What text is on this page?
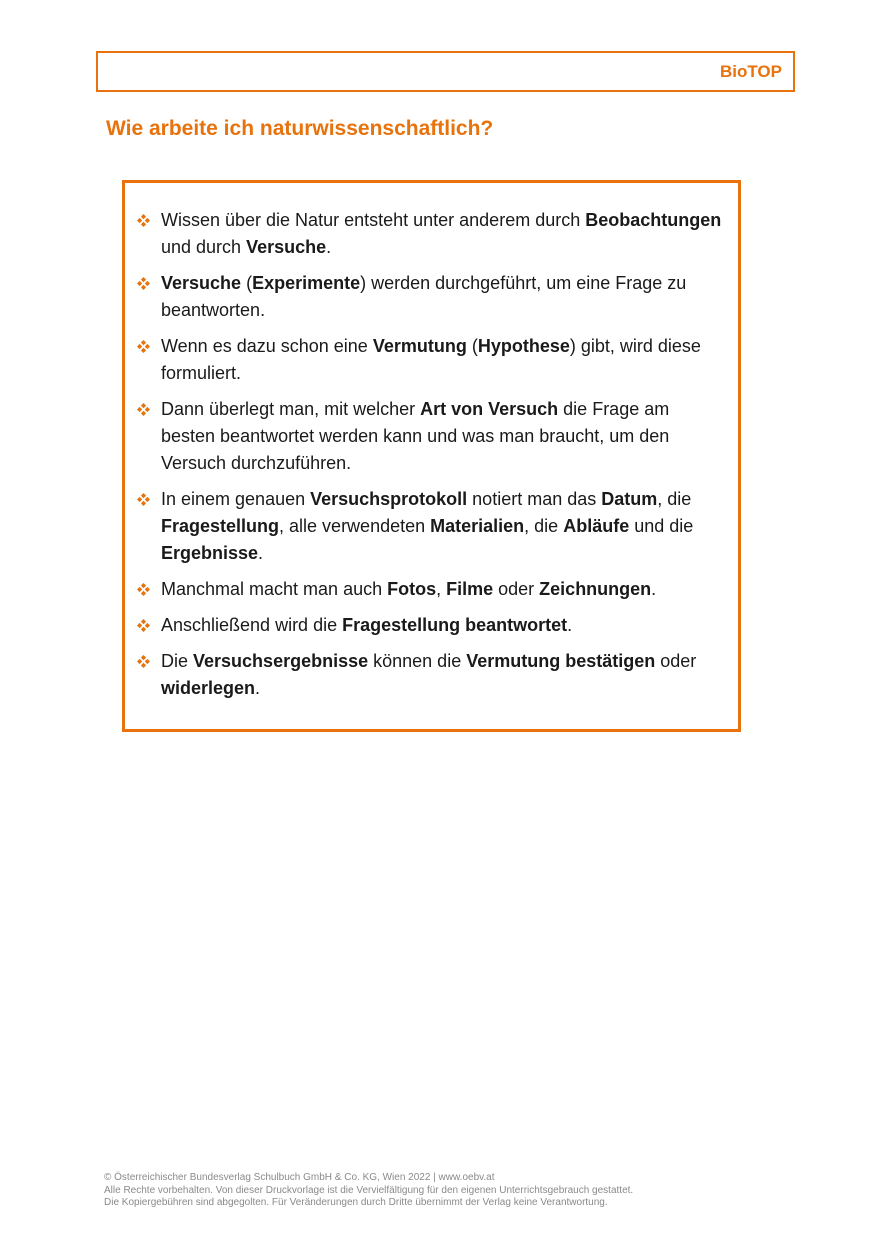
BioTOP
Wie arbeite ich naturwissenschaftlich?
Wissen über die Natur entsteht unter anderem durch Beobachtungen und durch Versuche.
Versuche (Experimente) werden durchgeführt, um eine Frage zu beantworten.
Wenn es dazu schon eine Vermutung (Hypothese) gibt, wird diese formuliert.
Dann überlegt man, mit welcher Art von Versuch die Frage am besten beantwortet werden kann und was man braucht, um den Versuch durchzuführen.
In einem genauen Versuchsprotokoll notiert man das Datum, die Fragestellung, alle verwendeten Materialien, die Abläufe und die Ergebnisse.
Manchmal macht man auch Fotos, Filme oder Zeichnungen.
Anschließend wird die Fragestellung beantwortet.
Die Versuchsergebnisse können die Vermutung bestätigen oder widerlegen.
© Österreichischer Bundesverlag Schulbuch GmbH & Co. KG, Wien 2022 | www.oebv.at
Alle Rechte vorbehalten. Von dieser Druckvorlage ist die Vervielfältigung für den eigenen Unterrichtsgebrauch gestattet.
Die Kopiergebühren sind abgegolten. Für Veränderungen durch Dritte übernimmt der Verlag keine Verantwortung.
